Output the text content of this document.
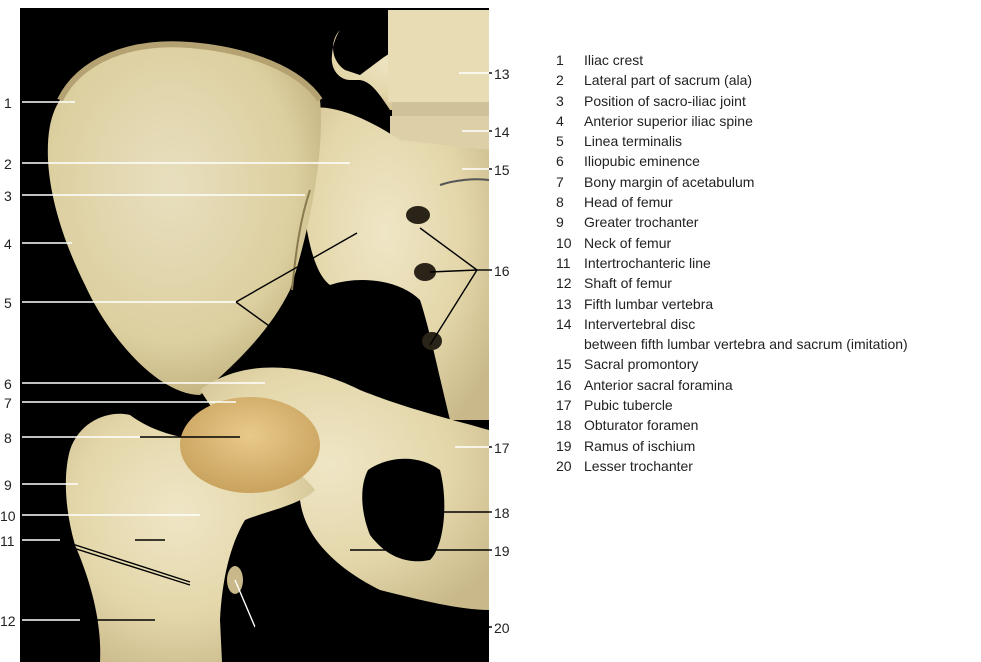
1
2
3
4
5
6
7
8
9
10
11
12
13
14
15
16
17
18
19
20
1	Iliac crest
2	Lateral part of sacrum (ala)
3	Position of sacro-iliac joint
4	Anterior superior iliac spine
5	Linea terminalis
6	Iliopubic eminence
7	Bony margin of acetabulum
8	Head of femur
9	Greater trochanter
10 Neck of femur
11 Intertrochanteric line
12 Shaft of femur
13 Fifth lumbar vertebra
14 Intervertebral disc
between fifth lumbar vertebra and sacrum (imitation)
15 Sacral promontory
16 Anterior sacral foramina
17 Pubic tubercle
18 Obturator foramen
19 Ramus of ischium
20 Lesser trochanter
